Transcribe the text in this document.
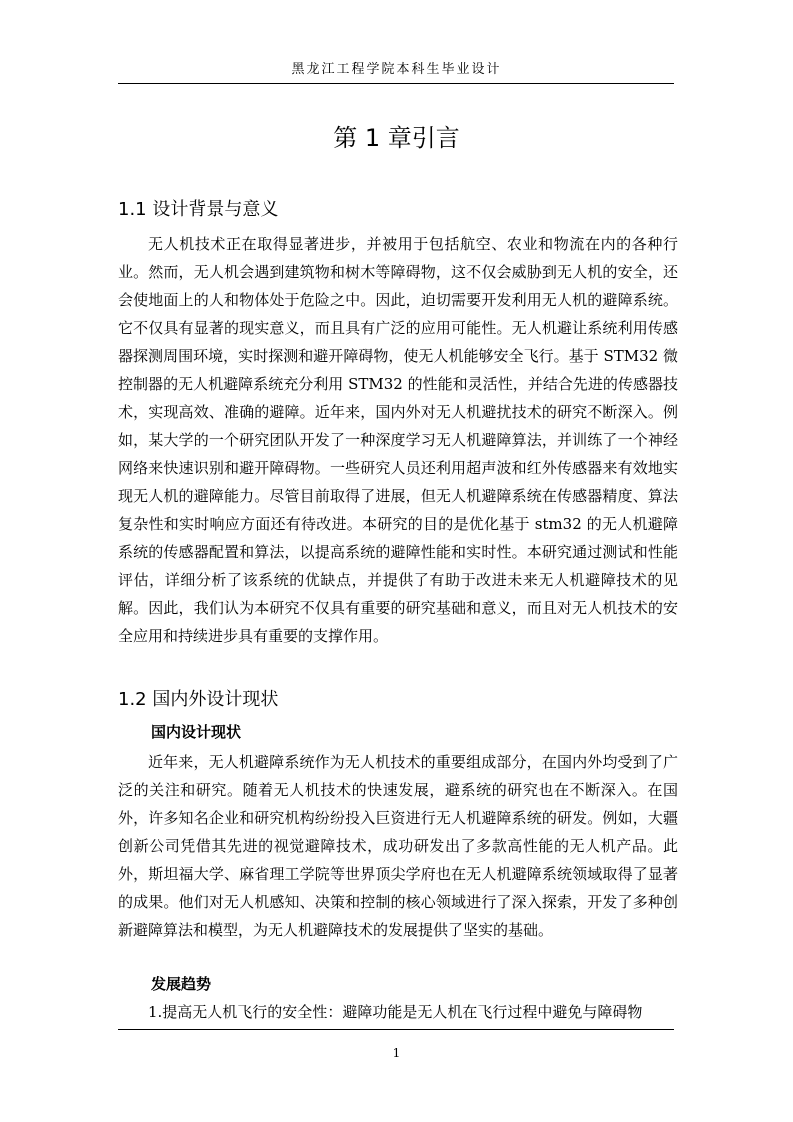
黑龙江工程学院本科生毕业设计
第 1 章引言
1.1 设计背景与意义
无人机技术正在取得显著进步，并被用于包括航空、农业和物流在内的各种行业。然而，无人机会遇到建筑物和树木等障碍物，这不仅会威胁到无人机的安全，还会使地面上的人和物体处于危险之中。因此，迫切需要开发利用无人机的避障系统。它不仅具有显著的现实意义，而且具有广泛的应用可能性。无人机避让系统利用传感器探测周围环境，实时探测和避开障碍物，使无人机能够安全飞行。基于 STM32 微控制器的无人机避障系统充分利用 STM32 的性能和灵活性，并结合先进的传感器技术，实现高效、准确的避障。近年来，国内外对无人机避扰技术的研究不断深入。例如，某大学的一个研究团队开发了一种深度学习无人机避障算法，并训练了一个神经网络来快速识别和避开障碍物。一些研究人员还利用超声波和红外传感器来有效地实现无人机的避障能力。尽管目前取得了进展，但无人机避障系统在传感器精度、算法复杂性和实时响应方面还有待改进。本研究的目的是优化基于 stm32 的无人机避障系统的传感器配置和算法，以提高系统的避障性能和实时性。本研究通过测试和性能评估，详细分析了该系统的优缺点，并提供了有助于改进未来无人机避障技术的见解。因此，我们认为本研究不仅具有重要的研究基础和意义，而且对无人机技术的安全应用和持续进步具有重要的支撑作用。
1.2 国内外设计现状
国内设计现状
近年来，无人机避障系统作为无人机技术的重要组成部分，在国内外均受到了广泛的关注和研究。随着无人机技术的快速发展，避系统的研究也在不断深入。在国外，许多知名企业和研究机构纷纷投入巨资进行无人机避障系统的研发。例如，大疆创新公司凭借其先进的视觉避障技术，成功研发出了多款高性能的无人机产品。此外，斯坦福大学、麻省理工学院等世界顶尖学府也在无人机避障系统领域取得了显著的成果。他们对无人机感知、决策和控制的核心领域进行了深入探索，开发了多种创新避障算法和模型，为无人机避障技术的发展提供了坚实的基础。
发展趋势
1.提高无人机飞行的安全性：避障功能是无人机在飞行过程中避免与障碍物
1
